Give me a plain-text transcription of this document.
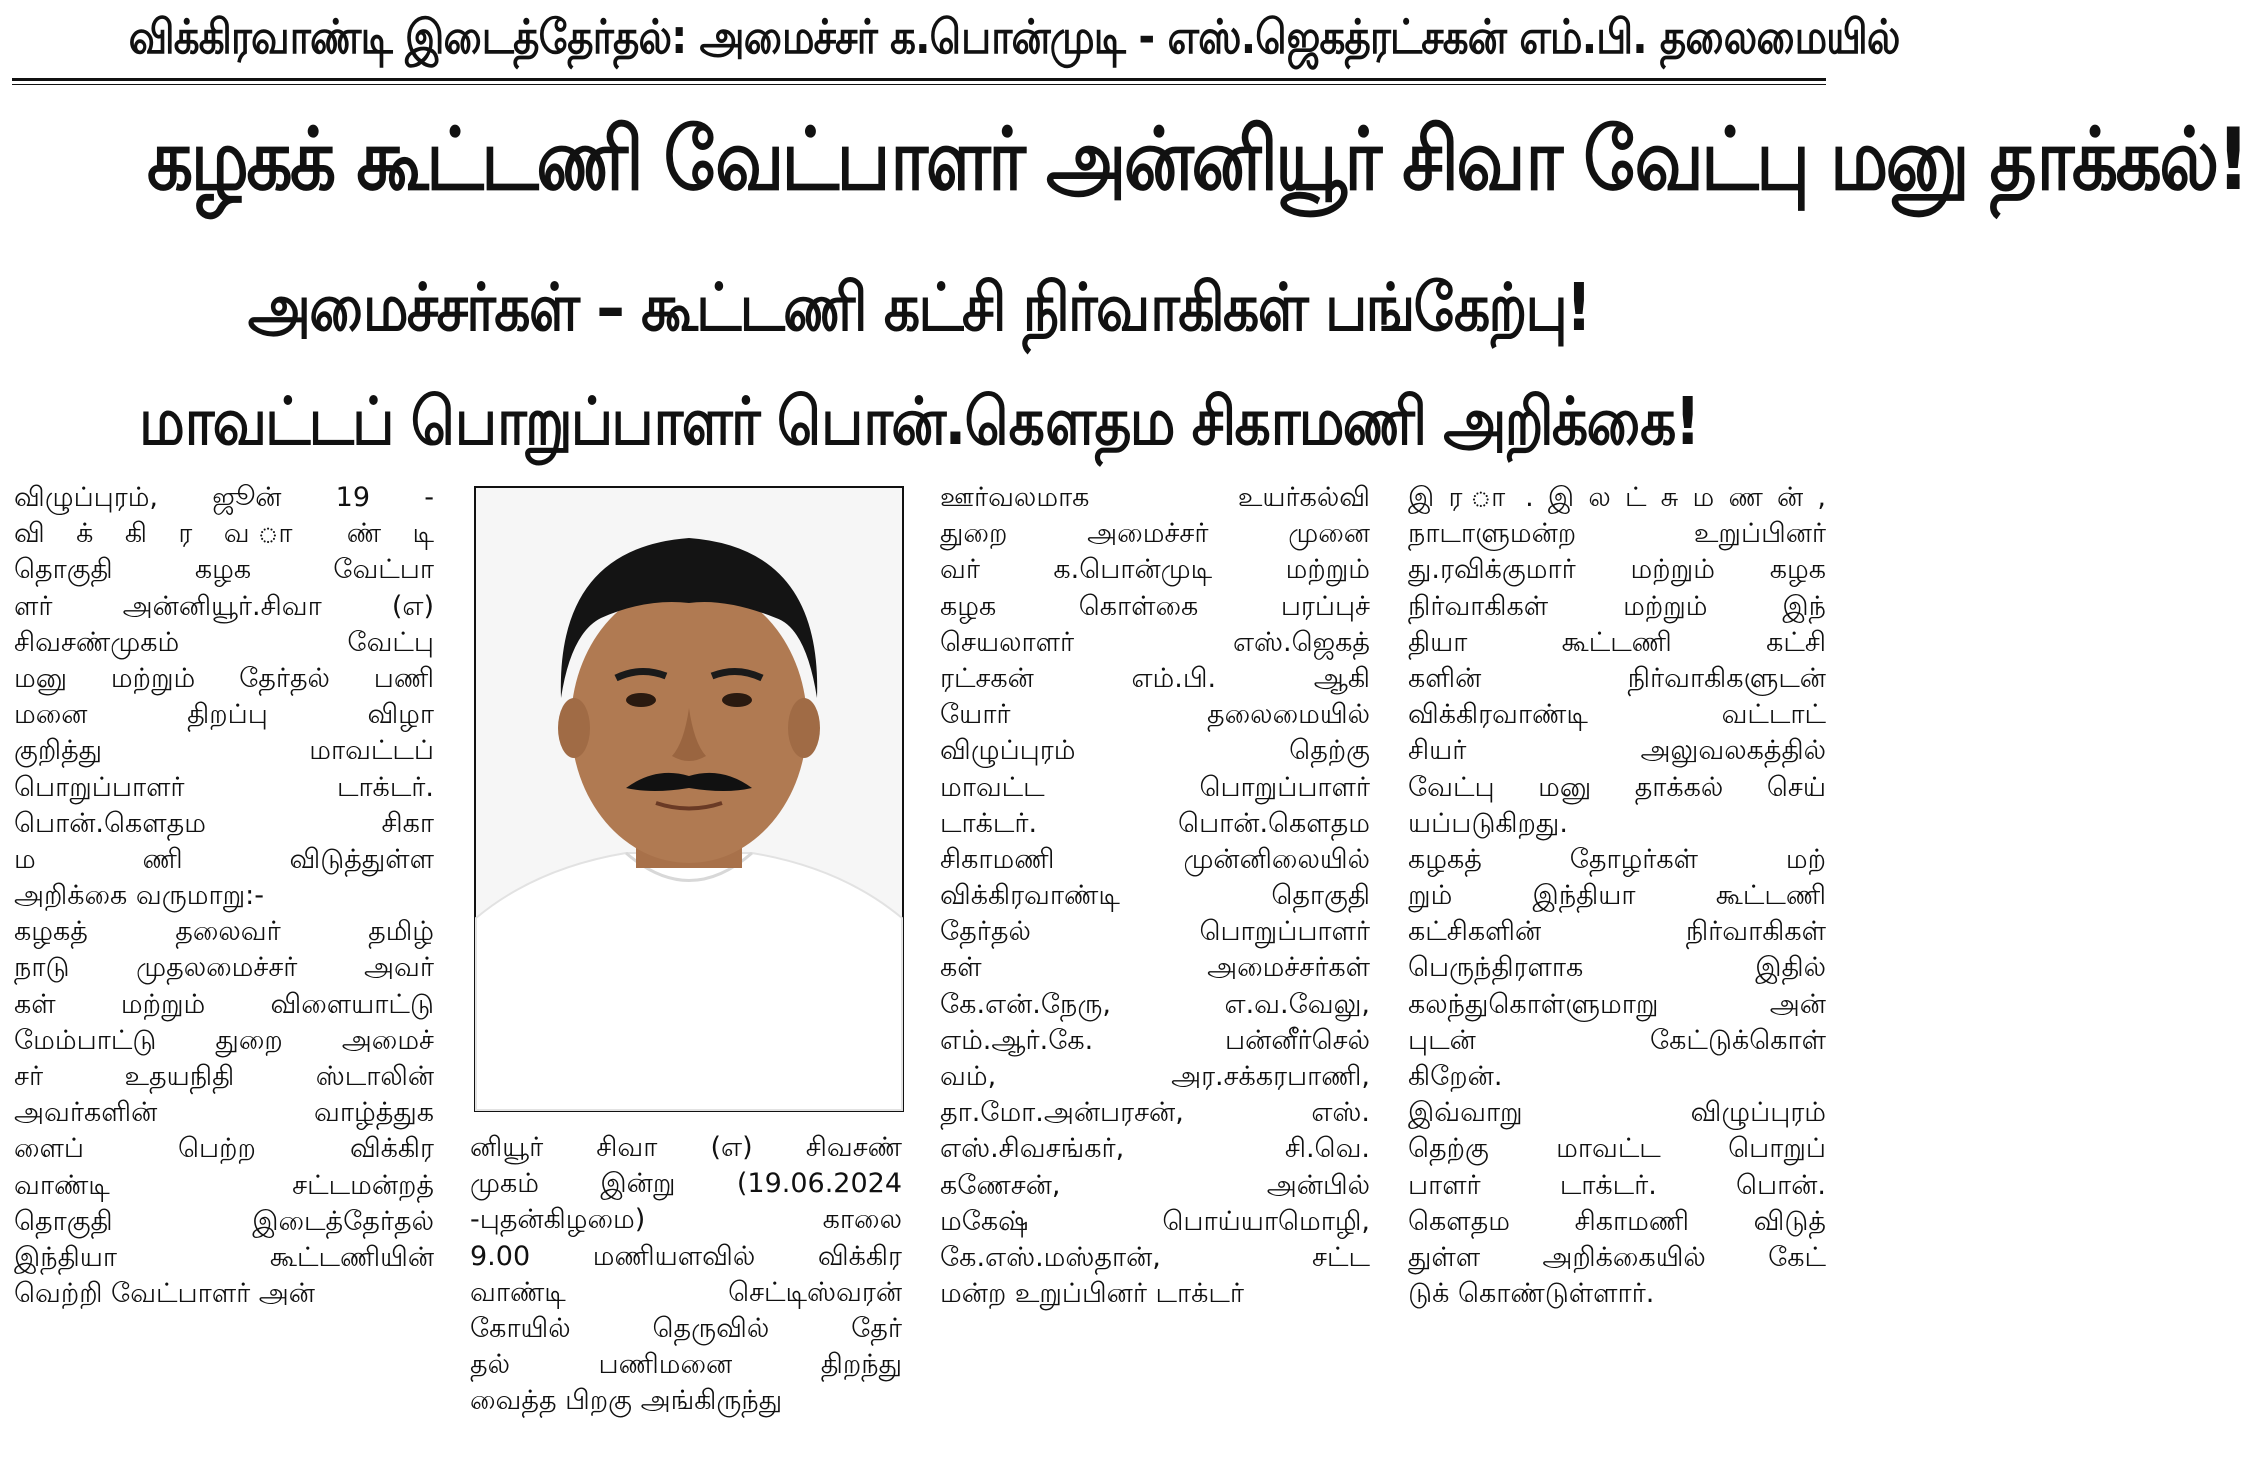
விக்கிரவாண்டி இடைத்தேர்தல்: அமைச்சர் க.பொன்முடி - எஸ்.ஜெகத்ரட்சகன் எம்.பி. தலைமையில்
கழகக் கூட்டணி வேட்பாளர் அன்னியூர் சிவா வேட்பு மனு தாக்கல்!
அமைச்சர்கள் – கூட்டணி கட்சி நிர்வாகிகள் பங்கேற்பு!
மாவட்டப் பொறுப்பாளர் பொன்.கௌதம சிகாமணி அறிக்கை!
விழுப்புரம், ஜூன் 19 -
வி க் கி ர வ ா ண் டி
தொகுதி கழக வேட்பா
ளர் அன்னியூர்.சிவா (எ)
சிவசண்முகம் வேட்பு
மனு மற்றும் தேர்தல் பணி
மனை திறப்பு விழா
குறித்து மாவட்டப்
பொறுப்பாளர் டாக்டர்.
பொன்.கௌதம சிகா
ம ணி விடுத்துள்ள
அறிக்கை வருமாறு:-
கழகத் தலைவர் தமிழ்
நாடு முதலமைச்சர் அவர்
கள் மற்றும் விளையாட்டு
மேம்பாட்டு துறை அமைச்
சர் உதயநிதி ஸ்டாலின்
அவர்களின் வாழ்த்துக
ளைப் பெற்ற விக்கிர
வாண்டி சட்டமன்றத்
தொகுதி இடைத்தேர்தல்
இந்தியா கூட்டணியின்
வெற்றி வேட்பாளர் அன்
னியூர் சிவா (எ) சிவசண்
முகம் இன்று (19.06.2024
-புதன்கிழமை) காலை
9.00 மணியளவில் விக்கிர
வாண்டி செட்டிஸ்வரன்
கோயில் தெருவில் தேர்
தல் பணிமனை திறந்து
வைத்த பிறகு அங்கிருந்து
ஊர்வலமாக உயர்கல்வி
துறை அமைச்சர் முனை
வர் க.பொன்முடி மற்றும்
கழக கொள்கை பரப்புச்
செயலாளர் எஸ்.ஜெகத்
ரட்சகன் எம்.பி. ஆகி
யோர் தலைமையில்
விழுப்புரம் தெற்கு
மாவட்ட பொறுப்பாளர்
டாக்டர். பொன்.கௌதம
சிகாமணி முன்னிலையில்
விக்கிரவாண்டி தொகுதி
தேர்தல் பொறுப்பாளர்
கள் அமைச்சர்கள்
கே.என்.நேரு, எ.வ.வேலு,
எம்.ஆர்.கே. பன்னீர்செல்
வம், அர.சக்கரபாணி,
தா.மோ.அன்பரசன், எஸ்.
எஸ்.சிவசங்கர், சி.வெ.
கணேசன், அன்பில்
மகேஷ் பொய்யாமொழி,
கே.எஸ்.மஸ்தான், சட்ட
மன்ற உறுப்பினர் டாக்டர்
இ ர ா . இ ல ட் சு ம ண ன் ,
நாடாளுமன்ற உறுப்பினர்
து.ரவிக்குமார் மற்றும் கழக
நிர்வாகிகள் மற்றும் இந்
தியா கூட்டணி கட்சி
களின் நிர்வாகிகளுடன்
விக்கிரவாண்டி வட்டாட்
சியர் அலுவலகத்தில்
வேட்பு மனு தாக்கல் செய்
யப்படுகிறது.
கழகத் தோழர்கள் மற்
றும் இந்தியா கூட்டணி
கட்சிகளின் நிர்வாகிகள்
பெருந்திரளாக இதில்
கலந்துகொள்ளுமாறு அன்
புடன் கேட்டுக்கொள்
கிறேன்.
இவ்வாறு விழுப்புரம்
தெற்கு மாவட்ட பொறுப்
பாளர் டாக்டர். பொன்.
கௌதம சிகாமணி விடுத்
துள்ள அறிக்கையில் கேட்
டுக் கொண்டுள்ளார்.
